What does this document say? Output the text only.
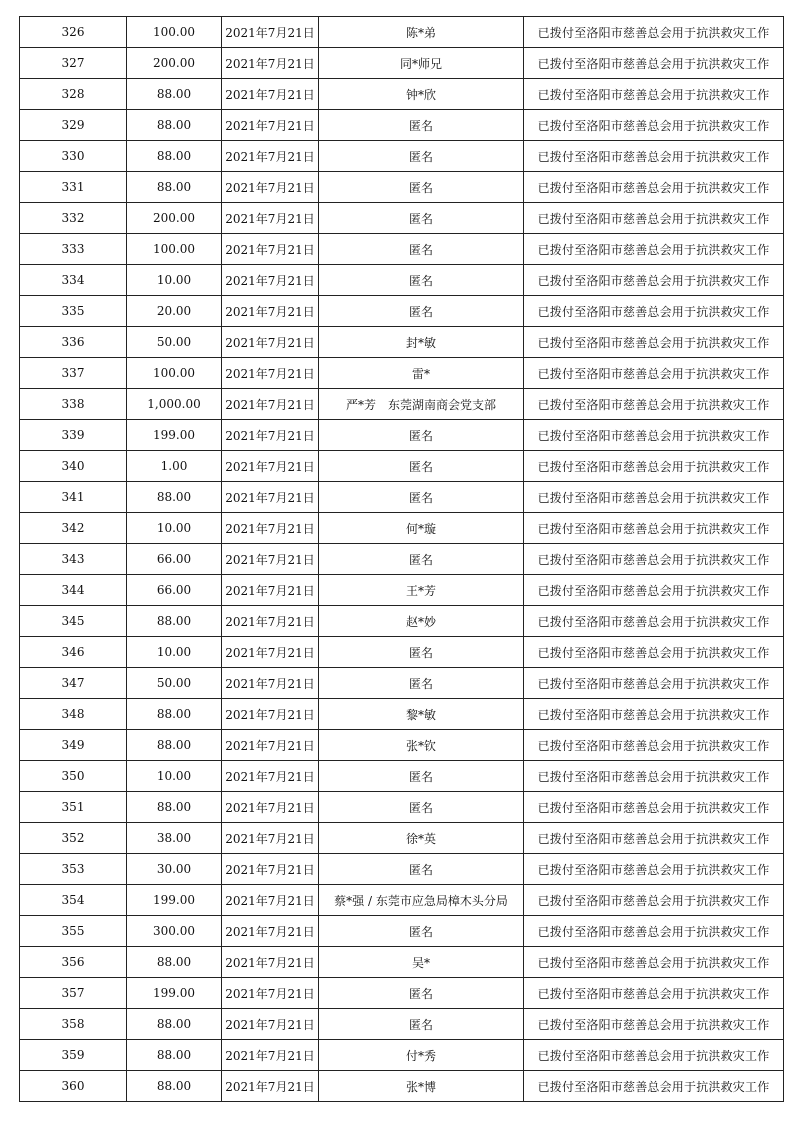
326	100.00	2021年7月21日	陈*弟	已拨付至洛阳市慈善总会用于抗洪救灾工作
327	200.00	2021年7月21日	同*师兄	已拨付至洛阳市慈善总会用于抗洪救灾工作
328	88.00	2021年7月21日	钟*欣	已拨付至洛阳市慈善总会用于抗洪救灾工作
329	88.00	2021年7月21日	匿名	已拨付至洛阳市慈善总会用于抗洪救灾工作
330	88.00	2021年7月21日	匿名	已拨付至洛阳市慈善总会用于抗洪救灾工作
331	88.00	2021年7月21日	匿名	已拨付至洛阳市慈善总会用于抗洪救灾工作
332	200.00	2021年7月21日	匿名	已拨付至洛阳市慈善总会用于抗洪救灾工作
333	100.00	2021年7月21日	匿名	已拨付至洛阳市慈善总会用于抗洪救灾工作
334	10.00	2021年7月21日	匿名	已拨付至洛阳市慈善总会用于抗洪救灾工作
335	20.00	2021年7月21日	匿名	已拨付至洛阳市慈善总会用于抗洪救灾工作
336	50.00	2021年7月21日	封*敏	已拨付至洛阳市慈善总会用于抗洪救灾工作
337	100.00	2021年7月21日	雷*	已拨付至洛阳市慈善总会用于抗洪救灾工作
338	1,000.00	2021年7月21日	严*芳　东莞湖南商会党支部	已拨付至洛阳市慈善总会用于抗洪救灾工作
339	199.00	2021年7月21日	匿名	已拨付至洛阳市慈善总会用于抗洪救灾工作
340	1.00	2021年7月21日	匿名	已拨付至洛阳市慈善总会用于抗洪救灾工作
341	88.00	2021年7月21日	匿名	已拨付至洛阳市慈善总会用于抗洪救灾工作
342	10.00	2021年7月21日	何*璇	已拨付至洛阳市慈善总会用于抗洪救灾工作
343	66.00	2021年7月21日	匿名	已拨付至洛阳市慈善总会用于抗洪救灾工作
344	66.00	2021年7月21日	王*芳	已拨付至洛阳市慈善总会用于抗洪救灾工作
345	88.00	2021年7月21日	赵*妙	已拨付至洛阳市慈善总会用于抗洪救灾工作
346	10.00	2021年7月21日	匿名	已拨付至洛阳市慈善总会用于抗洪救灾工作
347	50.00	2021年7月21日	匿名	已拨付至洛阳市慈善总会用于抗洪救灾工作
348	88.00	2021年7月21日	黎*敏	已拨付至洛阳市慈善总会用于抗洪救灾工作
349	88.00	2021年7月21日	张*钦	已拨付至洛阳市慈善总会用于抗洪救灾工作
350	10.00	2021年7月21日	匿名	已拨付至洛阳市慈善总会用于抗洪救灾工作
351	88.00	2021年7月21日	匿名	已拨付至洛阳市慈善总会用于抗洪救灾工作
352	38.00	2021年7月21日	徐*英	已拨付至洛阳市慈善总会用于抗洪救灾工作
353	30.00	2021年7月21日	匿名	已拨付至洛阳市慈善总会用于抗洪救灾工作
354	199.00	2021年7月21日	蔡*强 / 东莞市应急局樟木头分局	已拨付至洛阳市慈善总会用于抗洪救灾工作
355	300.00	2021年7月21日	匿名	已拨付至洛阳市慈善总会用于抗洪救灾工作
356	88.00	2021年7月21日	吴*	已拨付至洛阳市慈善总会用于抗洪救灾工作
357	199.00	2021年7月21日	匿名	已拨付至洛阳市慈善总会用于抗洪救灾工作
358	88.00	2021年7月21日	匿名	已拨付至洛阳市慈善总会用于抗洪救灾工作
359	88.00	2021年7月21日	付*秀	已拨付至洛阳市慈善总会用于抗洪救灾工作
360	88.00	2021年7月21日	张*博	已拨付至洛阳市慈善总会用于抗洪救灾工作
